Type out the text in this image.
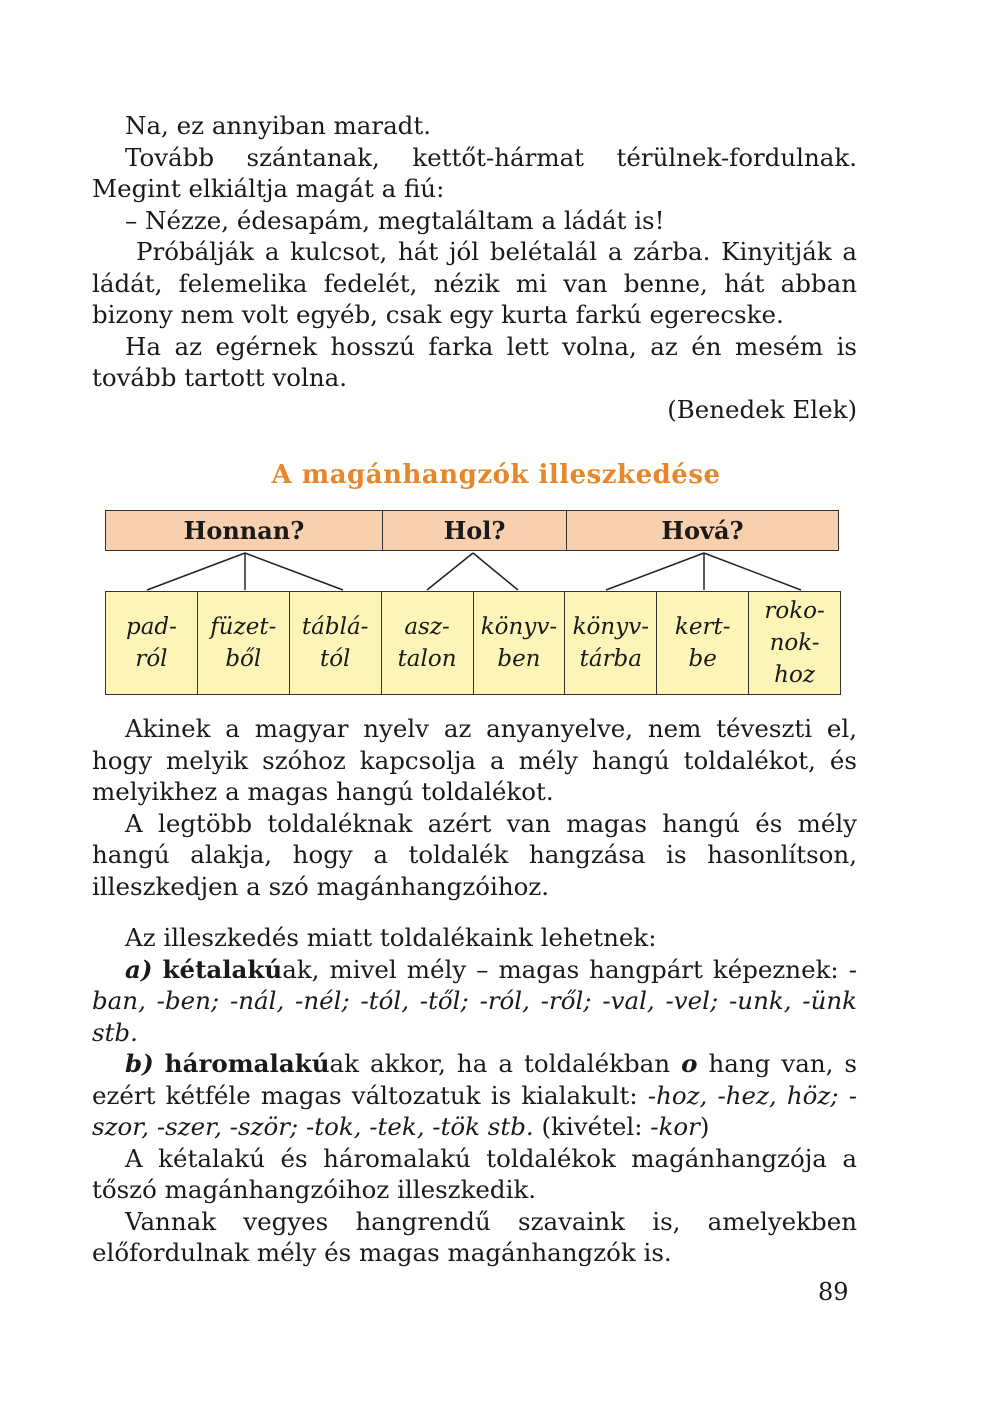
Na, ez annyiban maradt.

Tovább szántanak, kettőt-hármat térülnek-fordulnak. Megint elkiáltja magát a fiú:

– Nézze, édesapám, megtaláltam a ládát is!

Próbálják a kulcsot, hát jól belétalál a zárba. Kinyitják a ládát, felemelika fedelét, nézik mi van benne, hát abban bizony nem volt egyéb, csak egy kurta farkú egerecske.

Ha az egérnek hosszú farka lett volna, az én mesém is tovább tartott volna.

(Benedek Elek)

A magánhangzók illeszkedése
Honnan?	Hol?	Hová?
pad-
ról
füzet-
ből
táblá-
tól
asz-
talon
könyv-
ben
könyv-
tárba
kert-
be
roko-
nok-
hoz

Akinek a magyar nyelv az anyanyelve, nem téveszti el, hogy melyik szóhoz kapcsolja a mély hangú toldalékot, és melyikhez a magas hangú toldalékot.

A legtöbb toldaléknak azért van magas hangú és mély hangú alakja, hogy a toldalék hangzása is hasonlítson, illeszkedjen a szó magánhangzóihoz.

Az illeszkedés miatt toldalékaink lehetnek:

a) kétalakúak, mivel mély – magas hangpárt képeznek: -ban, -ben; -nál, -nél; -tól, -től; -ról, -ről; -val, -vel; -unk, -ünk stb.

b) háromalakúak akkor, ha a toldalékban o hang van, s ezért kétféle magas változatuk is kialakult: -hoz, -hez, höz; -szor, -szer, -ször; -tok, -tek, -tök stb. (kivétel: -kor)

A kétalakú és háromalakú toldalékok magánhangzója a tőszó magánhangzóihoz illeszkedik.

Vannak vegyes hangrendű szavaink is, amelyekben előfordulnak mély és magas magánhangzók is.

89
